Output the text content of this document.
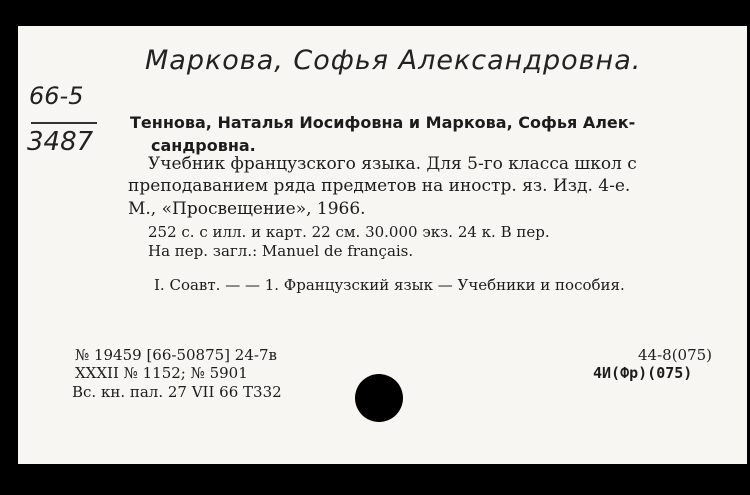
Маркова, Софья Александровна.
66-5
3487
Теннова, Наталья Иосифовна и Маркова, Софья Алек-
сандровна.
Учебник французского языка. Для 5-го класса школ с
преподаванием ряда предметов на иностр. яз. Изд. 4-е.
М., «Просвещение», 1966.
252 с. с илл. и карт. 22 см. 30.000 экз. 24 к. В пер.
На пер. загл.: Manuel de français.
I. Соавт. — — 1. Французский язык — Учебники и пособия.
№ 19459 [66-50875] 24-7в
XXXII № 1152; № 5901
Вс. кн. пал. 27 VII 66 Т332
44-8(075)
4И(Фр)(075)
